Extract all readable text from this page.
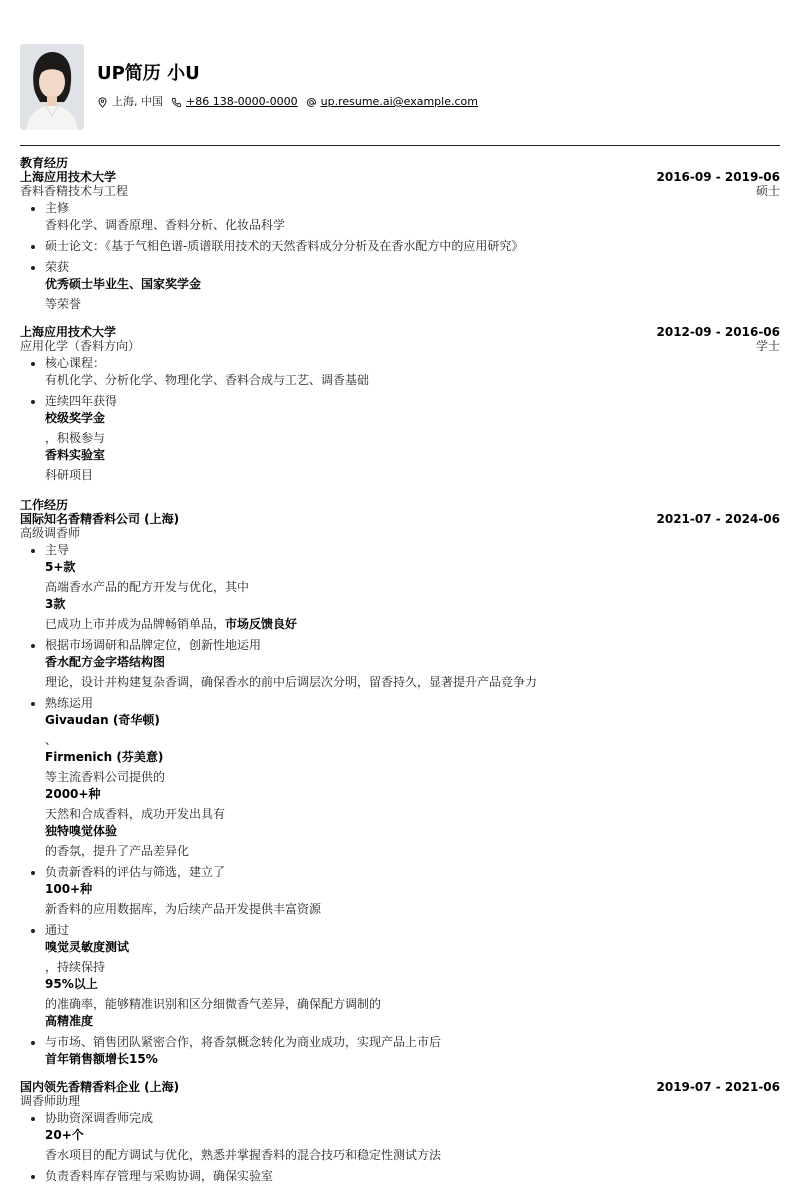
UP简历 小U
上海, 中国 +86 138-0000-0000 up.resume.ai@example.com
教育经历
上海应用技术大学	2016-09 - 2019-06
香料香精技术与工程	硕士
• 主修
香料化学、调香原理、香料分析、化妆品科学
• 硕士论文：《基于气相色谱-质谱联用技术的天然香料成分分析及在香水配方中的应用研究》
• 荣获
优秀硕士毕业生、国家奖学金
等荣誉
上海应用技术大学	2012-09 - 2016-06
应用化学（香料方向）	学士
• 核心课程：
有机化学、分析化学、物理化学、香料合成与工艺、调香基础
• 连续四年获得
校级奖学金
，积极参与
香料实验室
科研项目
工作经历
国际知名香精香料公司 (上海)	2021-07 - 2024-06
高级调香师
• 主导
5+款
高端香水产品的配方开发与优化，其中
3款
已成功上市并成为品牌畅销单品，市场反馈良好
• 根据市场调研和品牌定位，创新性地运用
香水配方金字塔结构图
理论，设计并构建复杂香调，确保香水的前中后调层次分明，留香持久，显著提升产品竞争力
• 熟练运用
Givaudan (奇华顿)
、
Firmenich (芬美意)
等主流香料公司提供的
2000+种
天然和合成香料，成功开发出具有
独特嗅觉体验
的香氛，提升了产品差异化
• 负责新香料的评估与筛选，建立了
100+种
新香料的应用数据库，为后续产品开发提供丰富资源
• 通过
嗅觉灵敏度测试
，持续保持
95%以上
的准确率，能够精准识别和区分细微香气差异，确保配方调制的
高精准度
• 与市场、销售团队紧密合作，将香氛概念转化为商业成功，实现产品上市后
首年销售额增长15%
国内领先香精香料企业 (上海)	2019-07 - 2021-06
调香师助理
• 协助资深调香师完成
20+个
香水项目的配方调试与优化，熟悉并掌握香料的混合技巧和稳定性测试方法
• 负责香料库存管理与采购协调，确保实验室
